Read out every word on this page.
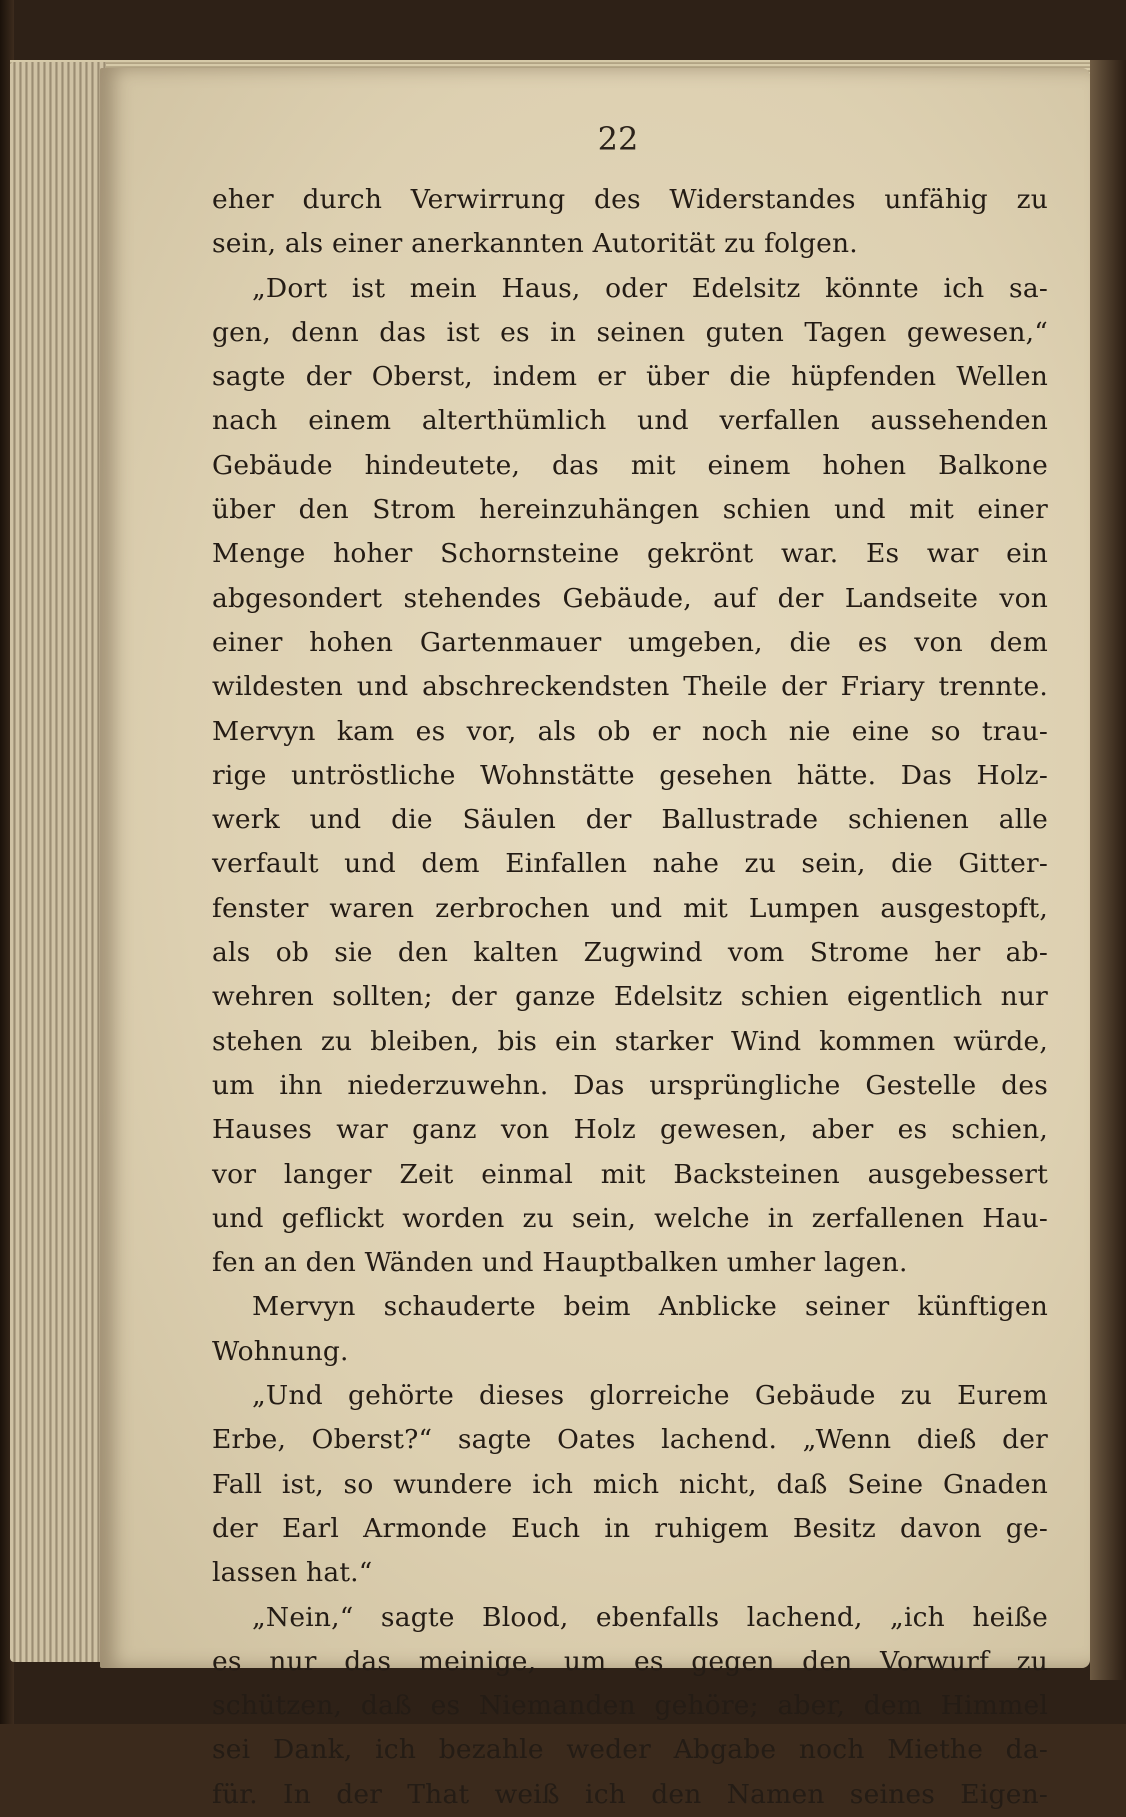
22
eher durch Verwirrung des Widerstandes unfähig zu
sein, als einer anerkannten Autorität zu folgen.
„Dort ist mein Haus, oder Edelsitz könnte ich sa-
gen, denn das ist es in seinen guten Tagen gewesen,“
sagte der Oberst, indem er über die hüpfenden Wellen
nach einem alterthümlich und verfallen aussehenden
Gebäude hindeutete, das mit einem hohen Balkone
über den Strom hereinzuhängen schien und mit einer
Menge hoher Schornsteine gekrönt war. Es war ein
abgesondert stehendes Gebäude, auf der Landseite von
einer hohen Gartenmauer umgeben, die es von dem
wildesten und abschreckendsten Theile der Friary trennte.
Mervyn kam es vor, als ob er noch nie eine so trau-
rige untröstliche Wohnstätte gesehen hätte. Das Holz-
werk und die Säulen der Ballustrade schienen alle
verfault und dem Einfallen nahe zu sein, die Gitter-
fenster waren zerbrochen und mit Lumpen ausgestopft,
als ob sie den kalten Zugwind vom Strome her ab-
wehren sollten; der ganze Edelsitz schien eigentlich nur
stehen zu bleiben, bis ein starker Wind kommen würde,
um ihn niederzuwehn. Das ursprüngliche Gestelle des
Hauses war ganz von Holz gewesen, aber es schien,
vor langer Zeit einmal mit Backsteinen ausgebessert
und geflickt worden zu sein, welche in zerfallenen Hau-
fen an den Wänden und Hauptbalken umher lagen.
Mervyn schauderte beim Anblicke seiner künftigen
Wohnung.
„Und gehörte dieses glorreiche Gebäude zu Eurem
Erbe, Oberst?“ sagte Oates lachend. „Wenn dieß der
Fall ist, so wundere ich mich nicht, daß Seine Gnaden
der Earl Armonde Euch in ruhigem Besitz davon ge-
lassen hat.“
„Nein,“ sagte Blood, ebenfalls lachend, „ich heiße
es nur das meinige, um es gegen den Vorwurf zu
schützen, daß es Niemanden gehöre; aber, dem Himmel
sei Dank, ich bezahle weder Abgabe noch Miethe da-
für. In der That weiß ich den Namen seines Eigen-
